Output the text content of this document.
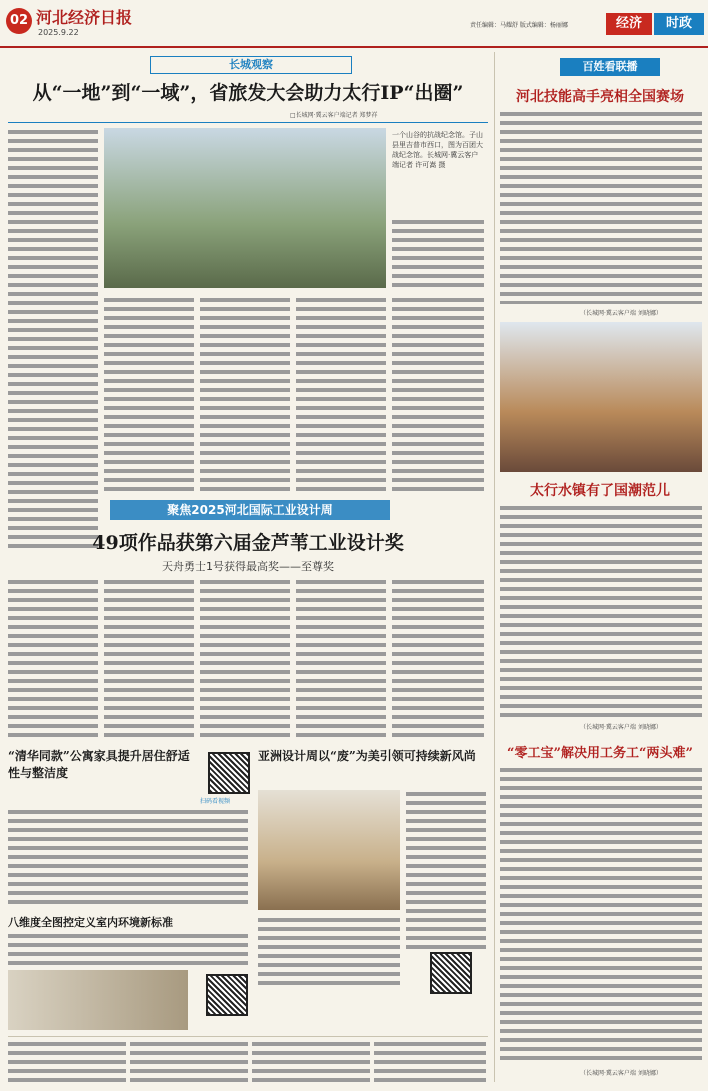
02 河北经济日报
2025.9.22
责任编辑：马耀舒 版式编辑：杨丽娜	经济	时政
长城观察
从“一地”到“一域”，省旅发大会助力太行IP“出圈”
□长城网·冀云客户端记者 郑梦祥
一个山谷的抗战纪念馆。子山县里吉普市西口，图为百团大战纪念馆。长城网·冀云客户端记者 许可嵩 摄
百姓看联播
河北技能高手亮相全国赛场
（长城网·冀云客户端 刘晓娜）
太行水镇有了国潮范儿
（长城网·冀云客户端 刘晓娜）
“零工宝”解决用工务工“两头难”
（长城网·冀云客户端 刘晓娜）
聚焦2025河北国际工业设计周
49项作品获第六届金芦苇工业设计奖
天舟勇士1号获得最高奖——至尊奖
“清华同款”公寓家具提升居住舒适性与整洁度
扫码看视频
亚洲设计周以“废”为美引领可持续新风尚
八维度全图控定义室内环境新标准
